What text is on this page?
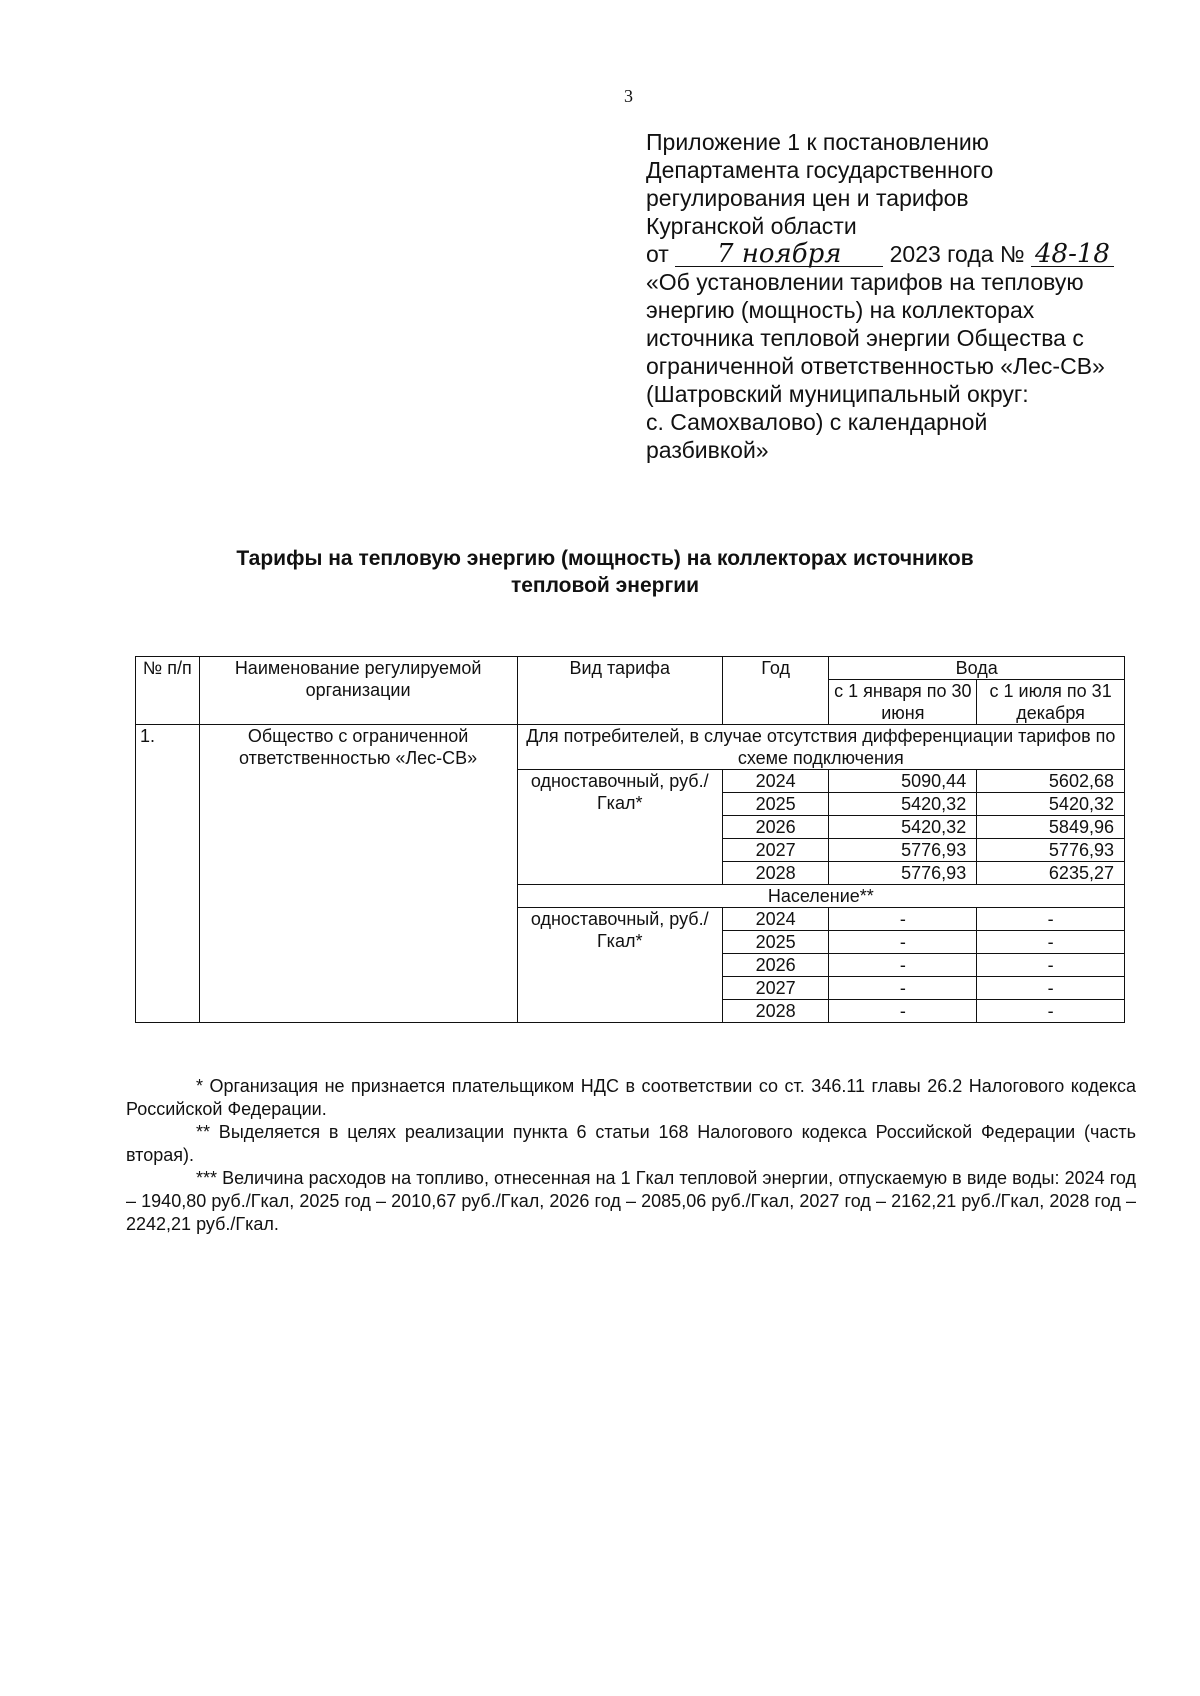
3
Приложение 1 к постановлению
Департамента государственного
регулирования цен и тарифов
Курганской области
от 7 ноября 2023 года № 48-18
«Об установлении тарифов на тепловую
энергию (мощность) на коллекторах
источника тепловой энергии Общества с
ограниченной ответственностью «Лес-СВ»
(Шатровский муниципальный округ:
с. Самохвалово) с календарной
разбивкой»
Тарифы на тепловую энергию (мощность) на коллекторах источников
тепловой энергии
№ п/п	Наименование регулируемой организации	Вид тарифа	Год	Вода	
				с 1 января по 30 июня	с 1 июля по 31 декабря
1.	Общество с ограниченной ответственностью «Лес-СВ»	Для потребителей, в случае отсутствия дифференциации тарифов по схеме подключения			
		одноставочный, руб./Гкал*	2024	5090,44	5602,68
			2025	5420,32	5420,32
			2026	5420,32	5849,96
			2027	5776,93	5776,93
			2028	5776,93	6235,27
		Население**			
		одноставочный, руб./Гкал*	2024	-	-
			2025	-	-
			2026	-	-
			2027	-	-
			2028	-	-

* Организация не признается плательщиком НДС в соответствии со ст. 346.11 главы 26.2 Налогового кодекса Российской Федерации.

** Выделяется в целях реализации пункта 6 статьи 168 Налогового кодекса Российской Федерации (часть вторая).

*** Величина расходов на топливо, отнесенная на 1 Гкал тепловой энергии, отпускаемую в виде воды: 2024 год – 1940,80 руб./Гкал, 2025 год – 2010,67 руб./Гкал, 2026 год – 2085,06 руб./Гкал, 2027 год – 2162,21 руб./Гкал, 2028 год – 2242,21 руб./Гкал.
